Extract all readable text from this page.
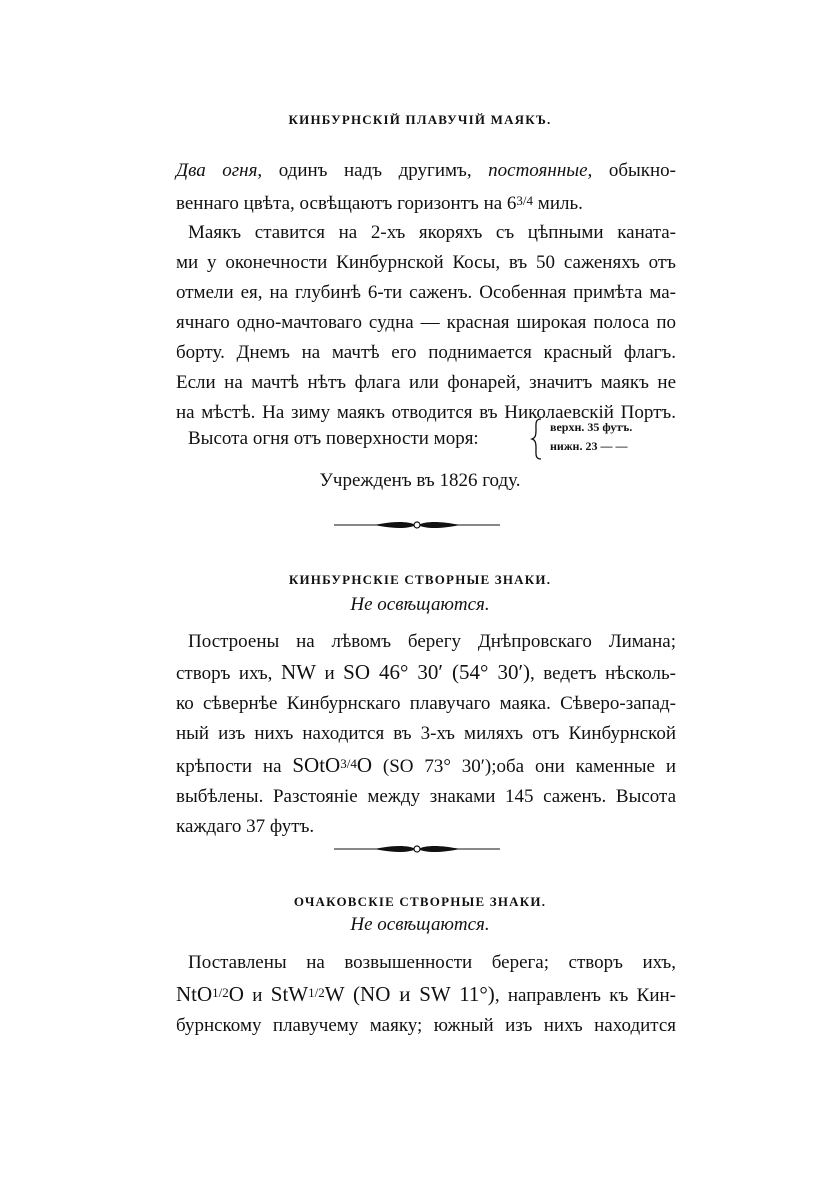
КИНБУРНСКІЙ ПЛАВУЧІЙ МАЯКЪ.

Два огня, одинъ надъ другимъ, постоянные, обыкно-

веннаго цвѣта, освѣщаютъ горизонтъ на $6^{3/4}$ миль.

Маякъ ставится на 2-хъ якоряхъ съ цѣпными каната-

ми у оконечности Кинбурнской Косы, въ 50 саженяхъ отъ

отмели ея, на глубинѣ 6-ти саженъ. Особенная примѣта ма-

ячнаго одно-мачтоваго судна — красная широкая полоса по

борту. Днемъ на мачтѣ его поднимается красный флагъ.

Если на мачтѣ нѣтъ флага или фонарей, значитъ маякъ не

на мѣстѣ. На зиму маякъ отводится въ Николаевскій Портъ.

Высота огня отъ поверхности моря:
верхн. 35 футъ.
нижн. 23 — —

Учрежденъ въ 1826 году.

КИНБУРНСКІЕ СТВОРНЫЕ ЗНАКИ.

Не освѣщаются.

Построены на лѣвомъ берегу Днѣпровскаго Лимана;

створъ ихъ, NW и SO 46° 30′ (54° 30′), ведетъ нѣсколь-

ко сѣвернѣе Кинбурнскаго плавучаго маяка. Сѣверо-запад-

ный изъ нихъ находится въ 3-хъ миляхъ отъ Кинбурнской

крѣпости на SOtO$^{3/4}$O (SO 73° 30′);оба они каменные и

выбѣлены. Разстояніе между знаками 145 саженъ. Высота

каждаго 37 футъ.

ОЧАКОВСКІЕ СТВОРНЫЕ ЗНАКИ.

Не освѣщаются.

Поставлены на возвышенности берега; створъ ихъ,

NtO$^{1/2}$O и StW$^{1/2}$W (NO и SW 11°), направленъ къ Кин-

бурнскому плавучему маяку; южный изъ нихъ находится
